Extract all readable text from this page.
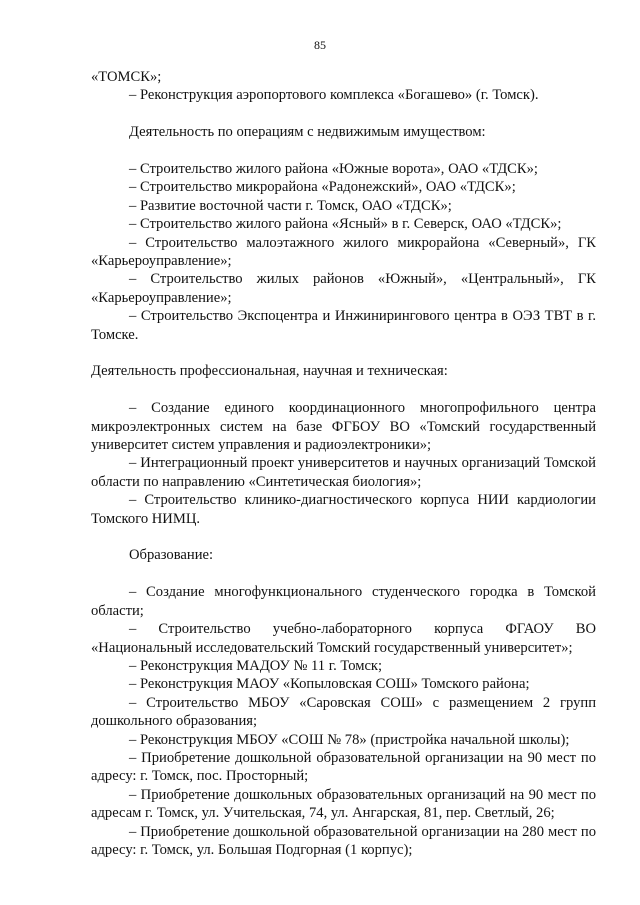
85

«ТОМСК»;

– Реконструкция аэропортового комплекса «Богашево» (г. Томск).

Деятельность по операциям с недвижимым имуществом:

– Строительство жилого района «Южные ворота», ОАО «ТДСК»;

– Строительство микрорайона «Радонежский», ОАО «ТДСК»;

– Развитие восточной части г. Томск, ОАО «ТДСК»;

– Строительство жилого района «Ясный» в г. Северск, ОАО «ТДСК»;

– Строительство малоэтажного жилого микрорайона «Северный», ГК «Карьероуправление»;

– Строительство жилых районов «Южный», «Центральный», ГК «Карьероуправление»;

– Строительство Экспоцентра и Инжинирингового центра в ОЭЗ ТВТ в г. Томске.

Деятельность профессиональная, научная и техническая:

– Создание единого координационного многопрофильного центра микроэлектронных систем на базе ФГБОУ ВО «Томский государственный университет систем управления и радиоэлектроники»;

– Интеграционный проект университетов и научных организаций Томской области по направлению «Синтетическая биология»;

– Строительство клинико-диагностического корпуса НИИ кардиологии Томского НИМЦ.

Образование:

– Создание многофункционального студенческого городка в Томской области;

– Строительство учебно-лабораторного корпуса ФГАОУ ВО «Национальный исследовательский Томский государственный университет»;

– Реконструкция МАДОУ № 11 г. Томск;

– Реконструкция МАОУ «Копыловская СОШ» Томского района;

– Строительство МБОУ «Саровская СОШ» с размещением 2 групп дошкольного образования;

– Реконструкция МБОУ «СОШ № 78» (пристройка начальной школы);

– Приобретение дошкольной образовательной организации на 90 мест по адресу: г. Томск, пос. Просторный;

– Приобретение дошкольных образовательных организаций на 90 мест по адресам г. Томск, ул. Учительская, 74, ул. Ангарская, 81, пер. Светлый, 26;

– Приобретение дошкольной образовательной организации на 280 мест по адресу: г. Томск, ул. Большая Подгорная (1 корпус);
